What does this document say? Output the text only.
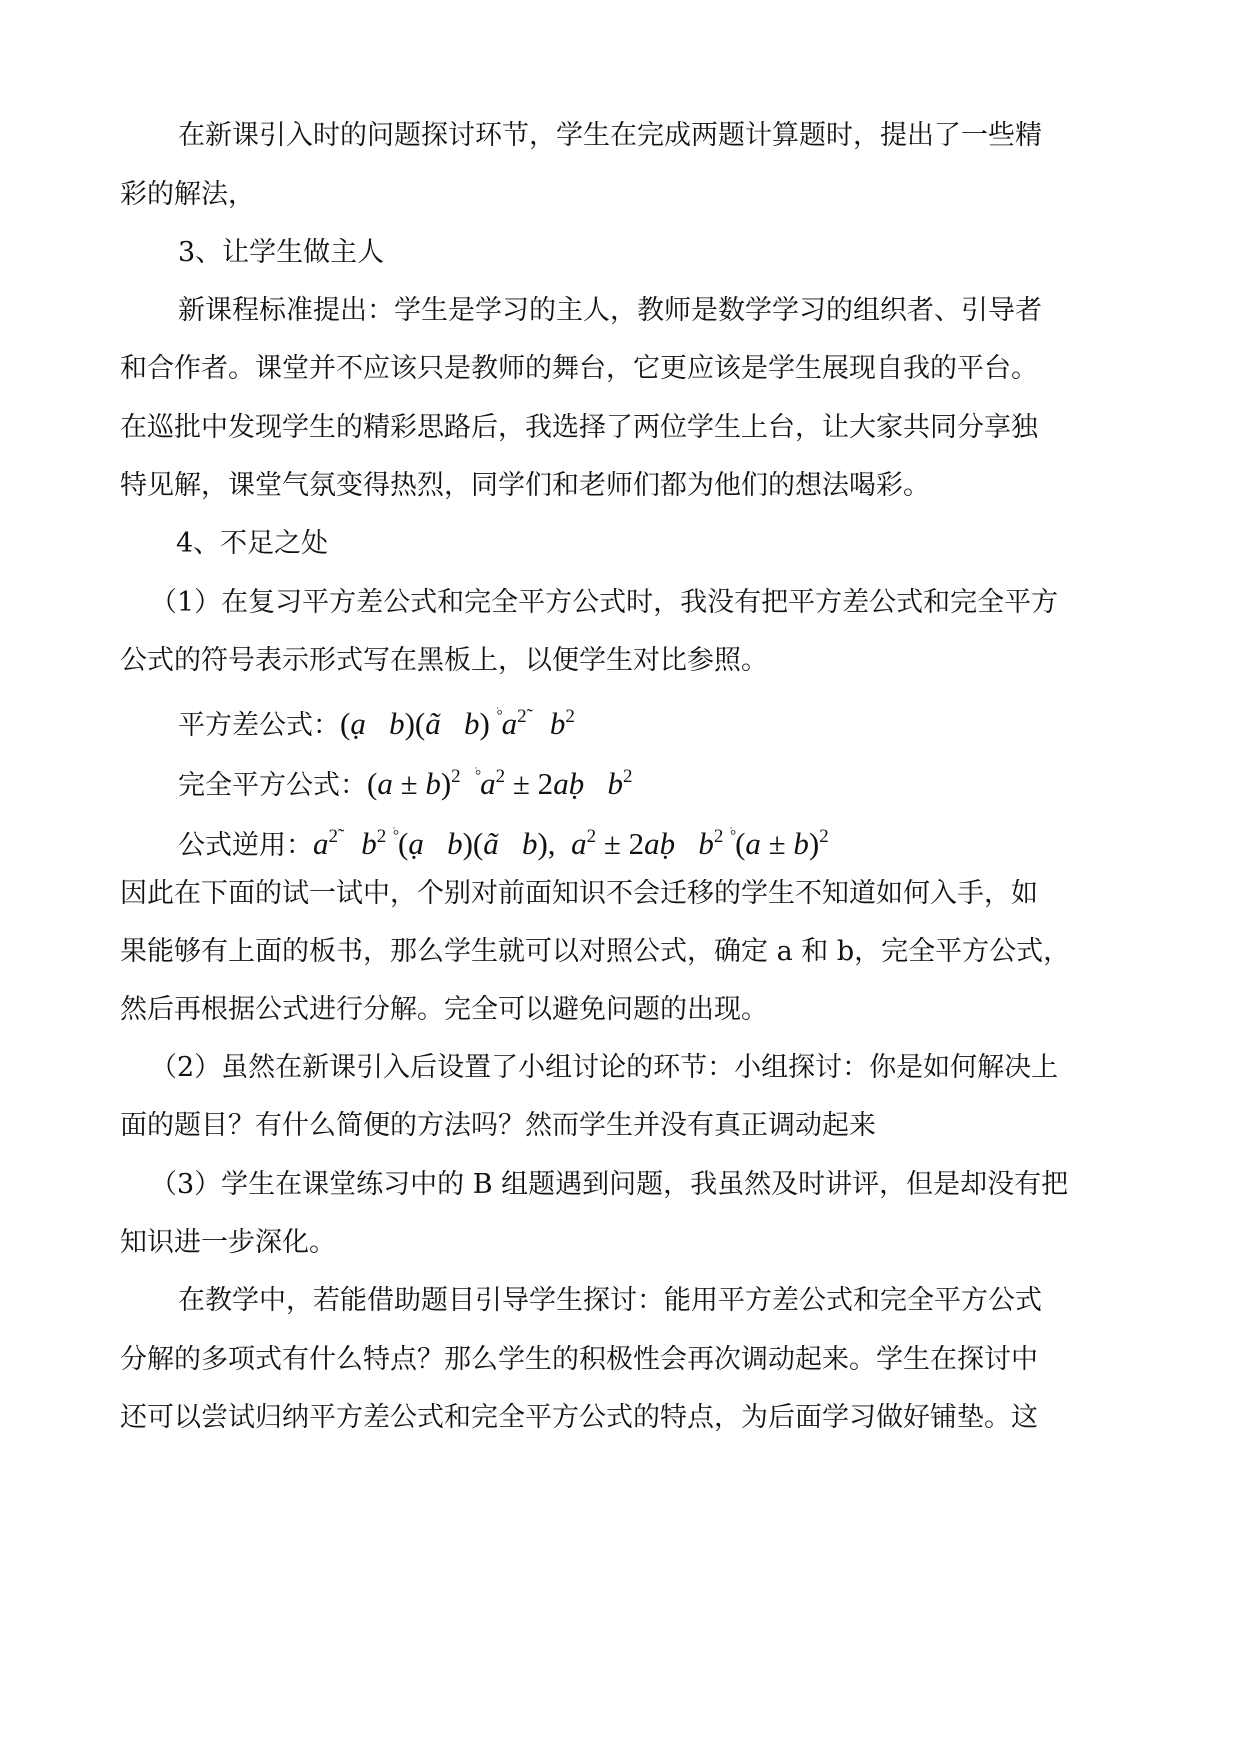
在新课引入时的问题探讨环节，学生在完成两题计算题时，提出了一些精
彩的解法，
3、让学生做主人
新课程标准提出：学生是学习的主人，教师是数学学习的组织者、引导者
和合作者。课堂并不应该只是教师的舞台，它更应该是学生展现自我的平台。
在巡批中发现学生的精彩思路后，我选择了两位学生上台，让大家共同分享独
特见解，课堂气氛变得热烈，同学们和老师们都为他们的想法喝彩。
4、不足之处
（1）在复习平方差公式和完全平方公式时，我没有把平方差公式和完全平方
公式的符号表示形式写在黑板上，以便学生对比参照。
平方差公式：(ạ   b)(ã   b) $^{ׄ^\circ}a^{2̃}$   $b^2$
完全平方公式：$(a \pm b)^2$ $^{ׄ^\circ}a^2$ ± 2aḅ   $b^2$
公式逆用：$a^{2̃}$   $b^2$ ׄ°(ạ   b)(ã   b),  $a^2$ ± 2aḅ   $b^2$ $^{ׄ^\circ}(a \pm b)^2$
因此在下面的试一试中，个别对前面知识不会迁移的学生不知道如何入手，如
果能够有上面的板书，那么学生就可以对照公式，确定 a 和 b，完全平方公式，
然后再根据公式进行分解。完全可以避免问题的出现。
（2）虽然在新课引入后设置了小组讨论的环节：小组探讨：你是如何解决上
面的题目？有什么简便的方法吗？然而学生并没有真正调动起来
（3）学生在课堂练习中的 B 组题遇到问题，我虽然及时讲评，但是却没有把
知识进一步深化。
在教学中，若能借助题目引导学生探讨：能用平方差公式和完全平方公式
分解的多项式有什么特点？那么学生的积极性会再次调动起来。学生在探讨中
还可以尝试归纳平方差公式和完全平方公式的特点，为后面学习做好铺垫。这
